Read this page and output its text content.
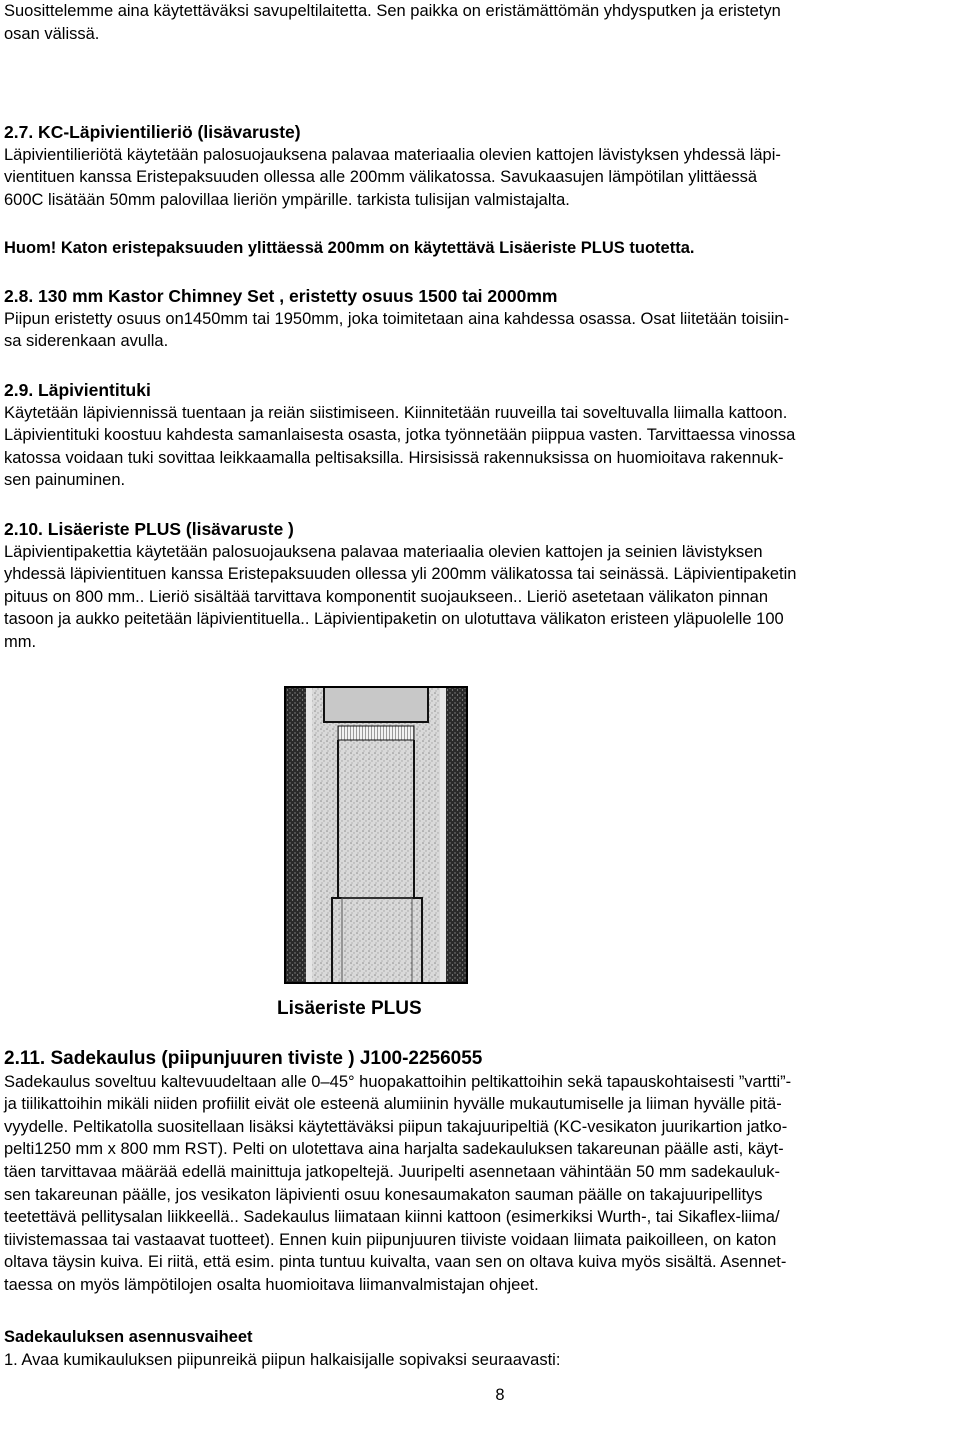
Suosittelemme aina käytettäväksi savupeltilaitetta. Sen paikka on eristämättömän yhdysputken ja eristetyn
osan välissä.
2.7. KC-Läpivientilieriö (lisävaruste)
Läpivientilieriötä käytetään palosuojauksena palavaa materiaalia olevien kattojen lävistyksen yhdessä läpi-
vientituen kanssa Eristepaksuuden ollessa alle 200mm välikatossa. Savukaasujen lämpötilan ylittäessä
600C lisätään 50mm palovillaa lieriön ympärille. tarkista tulisijan valmistajalta.
Huom! Katon eristepaksuuden ylittäessä 200mm on käytettävä Lisäeriste PLUS tuotetta.
2.8. 130 mm Kastor Chimney Set , eristetty osuus 1500 tai 2000mm
Piipun eristetty osuus on1450mm tai 1950mm, joka toimitetaan aina kahdessa osassa. Osat liitetään toisiin-
sa siderenkaan avulla.
2.9. Läpivientituki
Käytetään läpiviennissä tuentaan ja reiän siistimiseen. Kiinnitetään ruuveilla tai soveltuvalla liimalla kattoon.
Läpivientituki koostuu kahdesta samanlaisesta osasta, jotka työnnetään piippua vasten. Tarvittaessa vinossa
katossa voidaan tuki sovittaa leikkaamalla peltisaksilla. Hirsisissä rakennuksissa on huomioitava rakennuk-
sen painuminen.
2.10. Lisäeriste PLUS (lisävaruste )
Läpivientipakettia käytetään palosuojauksena palavaa materiaalia olevien kattojen ja seinien lävistyksen
yhdessä läpivientituen kanssa Eristepaksuuden ollessa yli 200mm välikatossa tai seinässä. Läpivientipaketin
pituus on 800 mm.. Lieriö sisältää tarvittava komponentit suojaukseen.. Lieriö asetetaan välikaton pinnan
tasoon ja aukko peitetään läpivientituella.. Läpivientipaketin on ulotuttava välikaton eristeen yläpuolelle 100
mm.
Lisäeriste PLUS
2.11. Sadekaulus (piipunjuuren tiviste ) J100-2256055
Sadekaulus soveltuu kaltevuudeltaan alle 0–45° huopakattoihin peltikattoihin sekä tapauskohtaisesti ”vartti”-
ja tiilikattoihin mikäli niiden profiilit eivät ole esteenä alumiinin hyvälle mukautumiselle ja liiman hyvälle pitä-
vyydelle. Peltikatolla suositellaan lisäksi käytettäväksi piipun takajuuripeltiä (KC-vesikaton juurikartion jatko-
pelti1250 mm x 800 mm RST). Pelti on ulotettava aina harjalta sadekauluksen takareunan päälle asti, käyt-
täen tarvittavaa määrää edellä mainittuja jatkopeltejä. Juuripelti asennetaan vähintään 50 mm sadekauluk-
sen takareunan päälle, jos vesikaton läpivienti osuu konesaumakaton sauman päälle on takajuuripellitys
teetettävä pellitysalan liikkeellä.. Sadekaulus liimataan kiinni kattoon (esimerkiksi Wurth-, tai Sikaflex-liima/
tiivistemassaa tai vastaavat tuotteet). Ennen kuin piipunjuuren tiiviste voidaan liimata paikoilleen, on katon
oltava täysin kuiva. Ei riitä, että esim. pinta tuntuu kuivalta, vaan sen on oltava kuiva myös sisältä. Asennet-
taessa on myös lämpötilojen osalta huomioitava liimanvalmistajan ohjeet.
Sadekauluksen asennusvaiheet
1. Avaa kumikauluksen piipunreikä piipun halkaisijalle sopivaksi seuraavasti:
8
